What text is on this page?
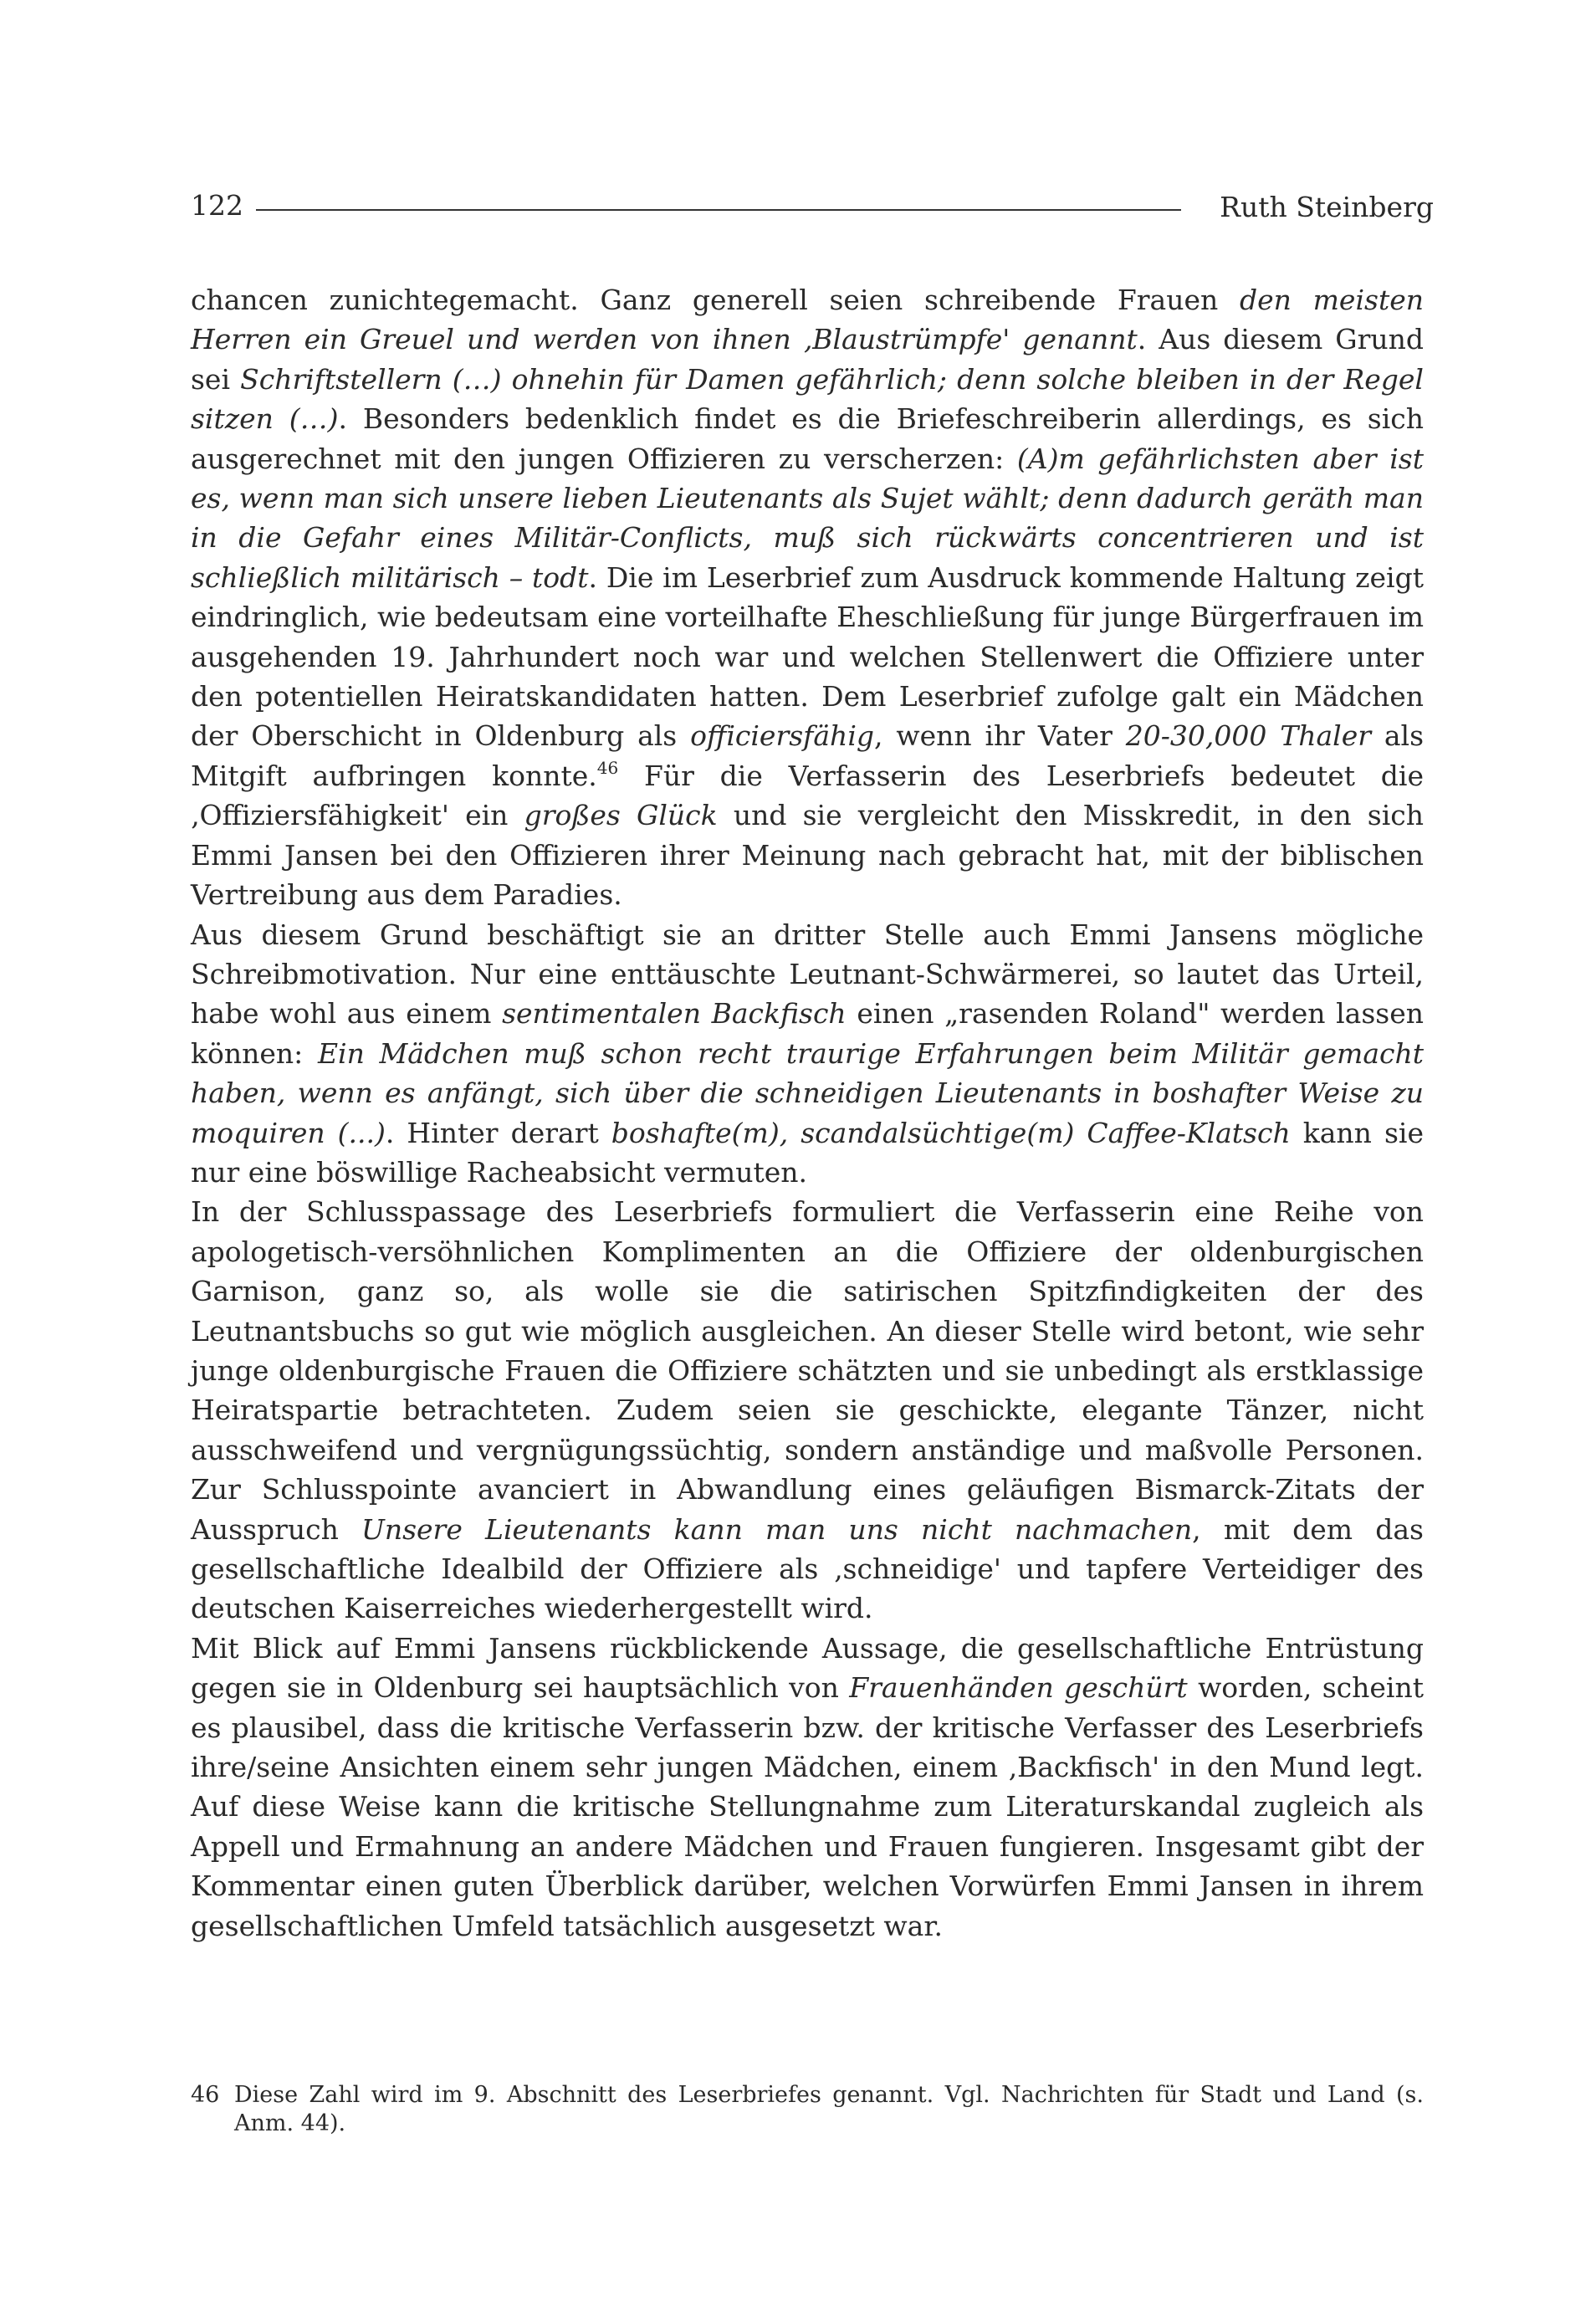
122	Ruth Steinberg

chancen zunichtegemacht. Ganz generell seien schreibende Frauen den meisten Herren ein Greuel und werden von ihnen ‚Blaustrümpfe' genannt. Aus diesem Grund sei Schriftstellern (…) ohnehin für Damen gefährlich; denn solche bleiben in der Regel sitzen (…). Besonders bedenklich findet es die Briefeschreiberin allerdings, es sich ausgerechnet mit den jungen Offizieren zu verscherzen: (A)m gefährlichsten aber ist es, wenn man sich unsere lieben Lieutenants als Sujet wählt; denn dadurch geräth man in die Gefahr eines Militär-Conflicts, muß sich rückwärts concentrieren und ist schließlich militärisch – todt. Die im Leserbrief zum Ausdruck kommende Haltung zeigt eindringlich, wie bedeutsam eine vorteilhafte Eheschließung für junge Bürgerfrauen im ausgehenden 19. Jahrhundert noch war und welchen Stellenwert die Offiziere unter den potentiellen Heiratskandidaten hatten. Dem Leserbrief zufolge galt ein Mädchen der Oberschicht in Oldenburg als officiersfähig, wenn ihr Vater 20-30,000 Thaler als Mitgift aufbringen konnte.$^{46}$ Für die Verfasserin des Leserbriefs bedeutet die ‚Offiziersfähigkeit' ein großes Glück und sie vergleicht den Misskredit, in den sich Emmi Jansen bei den Offizieren ihrer Meinung nach gebracht hat, mit der biblischen Vertreibung aus dem Paradies.

Aus diesem Grund beschäftigt sie an dritter Stelle auch Emmi Jansens mögliche Schreibmotivation. Nur eine enttäuschte Leutnant-Schwärmerei, so lautet das Urteil, habe wohl aus einem sentimentalen Backfisch einen „rasenden Roland" werden lassen können: Ein Mädchen muß schon recht traurige Erfahrungen beim Militär gemacht haben, wenn es anfängt, sich über die schneidigen Lieutenants in boshafter Weise zu moquiren (...). Hinter derart boshafte(m), scandalsüchtige(m) Caffee-Klatsch kann sie nur eine böswillige Racheabsicht vermuten.

In der Schlusspassage des Leserbriefs formuliert die Verfasserin eine Reihe von apologetisch-versöhnlichen Komplimenten an die Offiziere der oldenburgischen Garnison, ganz so, als wolle sie die satirischen Spitzfindigkeiten der des Leutnantsbuchs so gut wie möglich ausgleichen. An dieser Stelle wird betont, wie sehr junge oldenburgische Frauen die Offiziere schätzten und sie unbedingt als erstklassige Heiratspartie betrachteten. Zudem seien sie geschickte, elegante Tänzer, nicht ausschweifend und vergnügungssüchtig, sondern anständige und maßvolle Personen. Zur Schlusspointe avanciert in Abwandlung eines geläufigen Bismarck-Zitats der Ausspruch Unsere Lieutenants kann man uns nicht nachmachen, mit dem das gesellschaftliche Idealbild der Offiziere als ‚schneidige' und tapfere Verteidiger des deutschen Kaiserreiches wiederhergestellt wird.

Mit Blick auf Emmi Jansens rückblickende Aussage, die gesellschaftliche Entrüstung gegen sie in Oldenburg sei hauptsächlich von Frauenhänden geschürt worden, scheint es plausibel, dass die kritische Verfasserin bzw. der kritische Verfasser des Leserbriefs ihre/seine Ansichten einem sehr jungen Mädchen, einem ‚Backfisch' in den Mund legt. Auf diese Weise kann die kritische Stellungnahme zum Literaturskandal zugleich als Appell und Ermahnung an andere Mädchen und Frauen fungieren. Insgesamt gibt der Kommentar einen guten Überblick darüber, welchen Vorwürfen Emmi Jansen in ihrem gesellschaftlichen Umfeld tatsächlich ausgesetzt war.

46 Diese Zahl wird im 9. Abschnitt des Leserbriefes genannt. Vgl. Nachrichten für Stadt und Land (s. Anm. 44).
